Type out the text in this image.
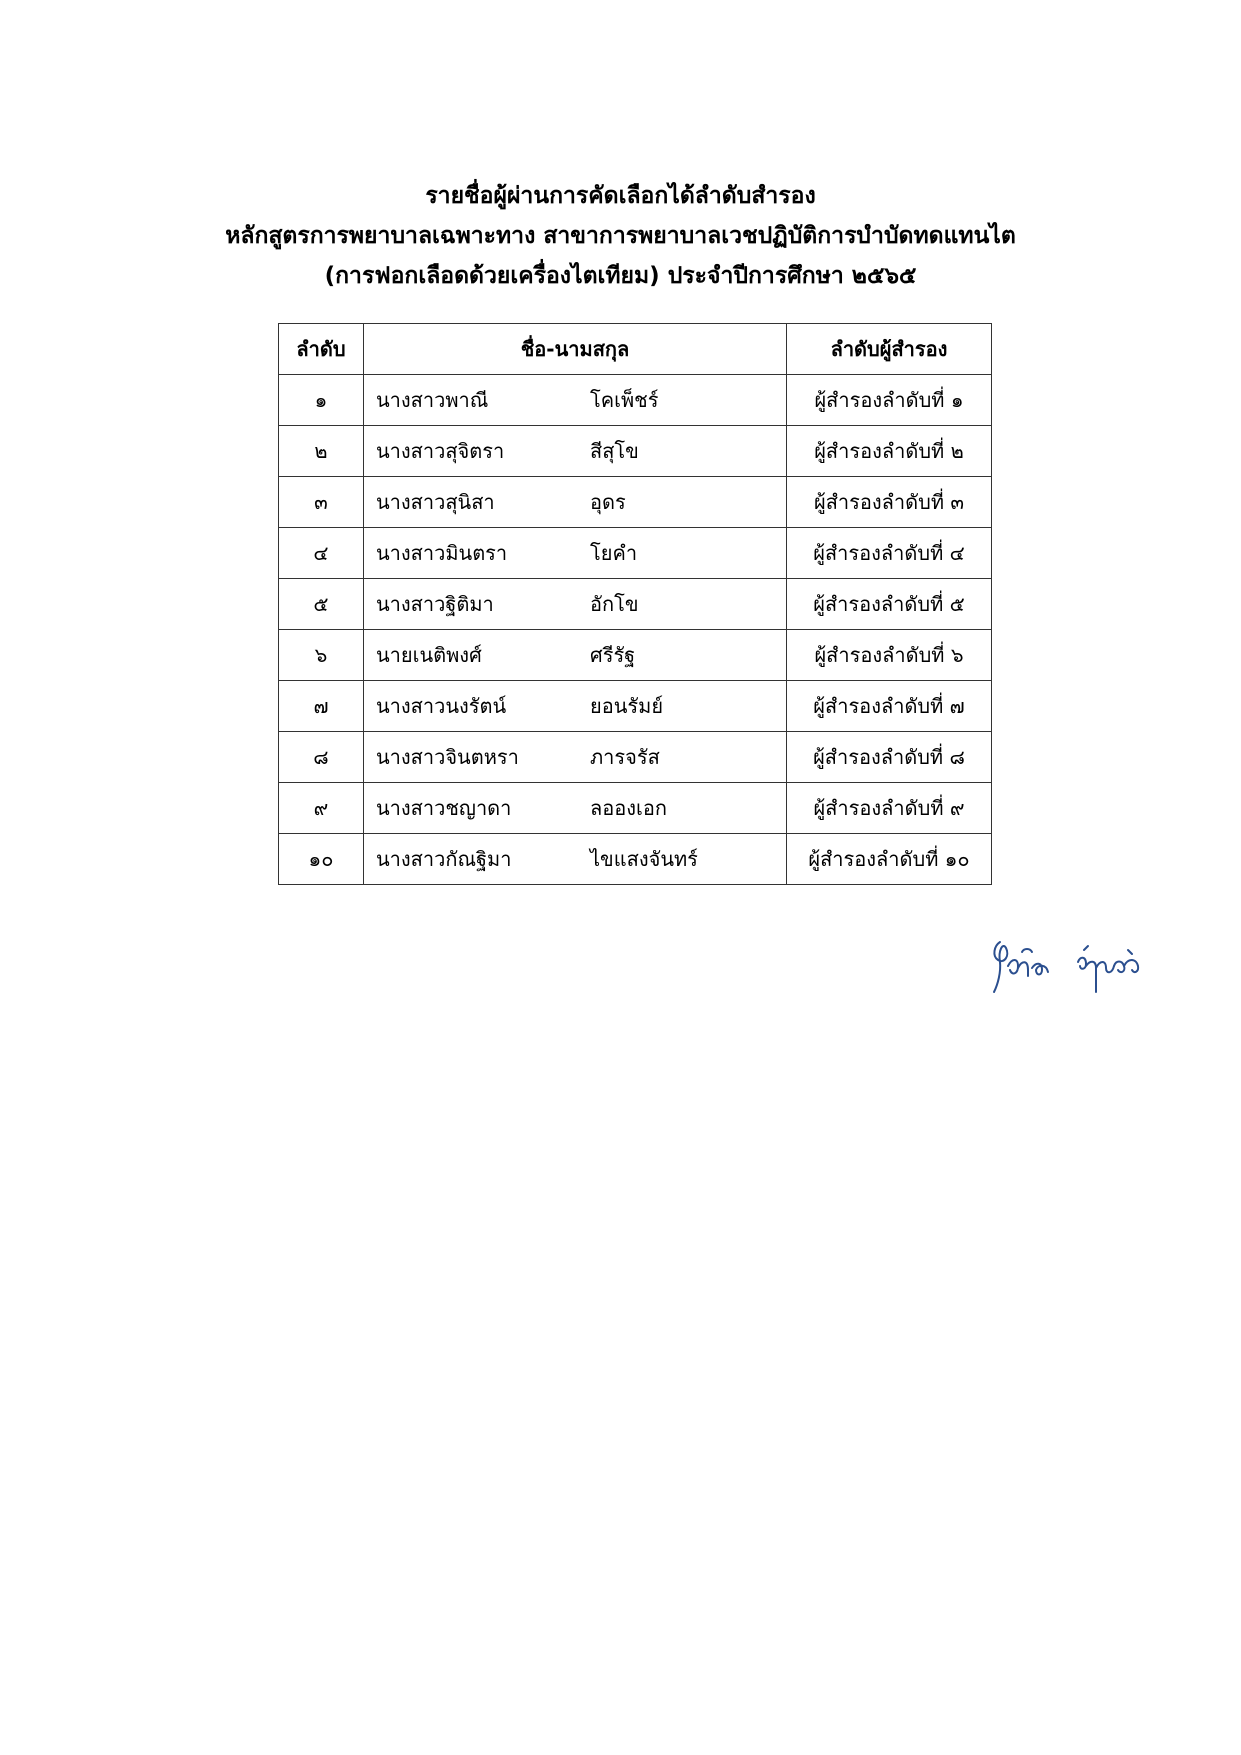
รายชื่อผู้ผ่านการคัดเลือกได้ลำดับสำรอง
หลักสูตรการพยาบาลเฉพาะทาง สาขาการพยาบาลเวชปฏิบัติการบำบัดทดแทนไต
(การฟอกเลือดด้วยเครื่องไตเทียม) ประจำปีการศึกษา ๒๕๖๕
ลำดับ	ชื่อ-นามสกุล		ลำดับผู้สำรอง
๑	นางสาวพาณี	โคเพ็ชร์	ผู้สำรองลำดับที่ ๑
๒	นางสาวสุจิตรา	สีสุโข	ผู้สำรองลำดับที่ ๒
๓	นางสาวสุนิสา	อุดร	ผู้สำรองลำดับที่ ๓
๔	นางสาวมินตรา	โยคำ	ผู้สำรองลำดับที่ ๔
๕	นางสาวฐิติมา	อักโข	ผู้สำรองลำดับที่ ๕
๖	นายเนติพงศ์	ศรีรัฐ	ผู้สำรองลำดับที่ ๖
๗	นางสาวนงรัตน์	ยอนรัมย์	ผู้สำรองลำดับที่ ๗
๘	นางสาวจินตหรา	ภารจรัส	ผู้สำรองลำดับที่ ๘
๙	นางสาวชญาดา	ลอองเอก	ผู้สำรองลำดับที่ ๙
๑๐	นางสาวกัณฐิมา	ไขแสงจันทร์	ผู้สำรองลำดับที่ ๑๐
